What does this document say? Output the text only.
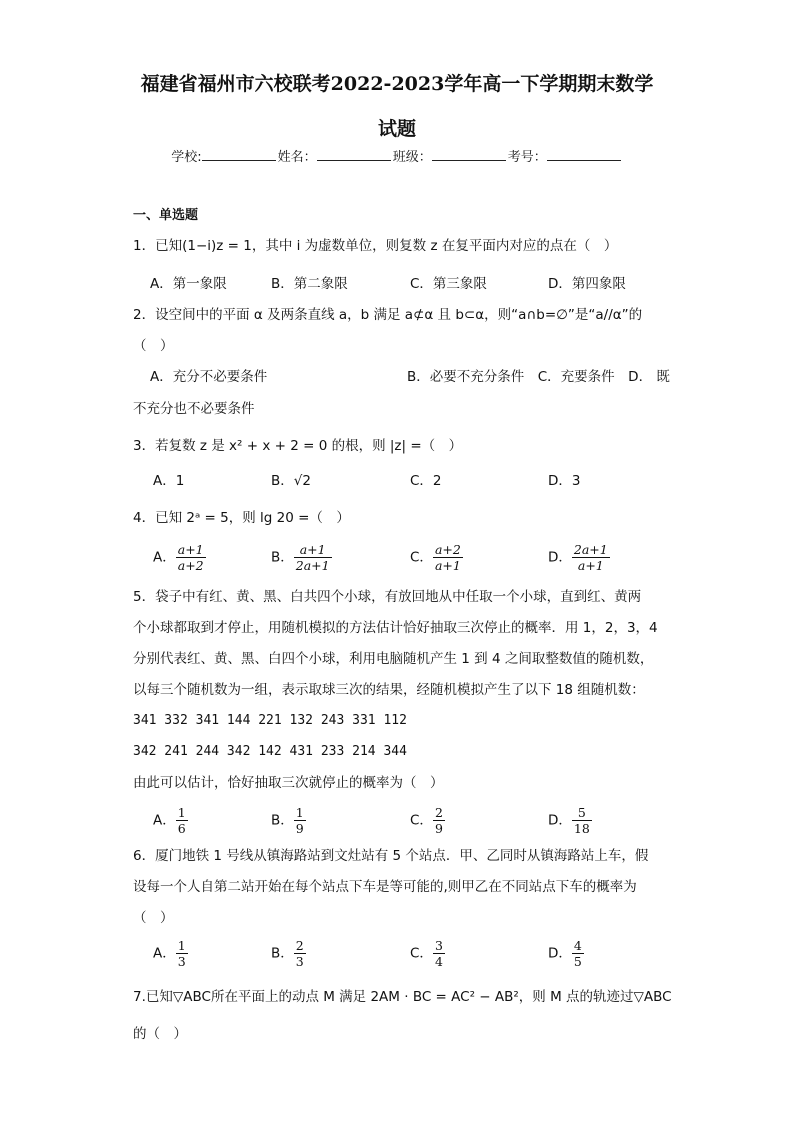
福建省福州市六校联考2022-2023学年高一下学期期末数学
试题
学校:	姓名：	班级：	考号：
一、单选题
1．已知(1−i)z = 1，其中 i 为虚数单位，则复数 z 在复平面内对应的点在（　）
A．第一象限	B．第二象限	C．第三象限	D．第四象限
2．设空间中的平面 α 及两条直线 a，b 满足 a⊄α 且 b⊂α，则“a∩b=∅”是“a//α”的
（　）
A．充分不必要条件	B．必要不充分条件　C．充要条件　D． 既
不充分也不必要条件
3．若复数 z 是 x² + x + 2 = 0 的根，则 |z| =（　）
A．1	B．√2	C．2	D．3
4．已知 2ᵃ = 5，则 lg 20 =（　）
A． $\frac{a+1}{a+2}$	B． $\frac{a+1}{2a+1}$	C． $\frac{a+2}{a+1}$	D． $\frac{2a+1}{a+1}$
5．袋子中有红、黄、黑、白共四个小球，有放回地从中任取一个小球，直到红、黄两
个小球都取到才停止，用随机模拟的方法估计恰好抽取三次停止的概率．用 1，2，3，4
分别代表红、黄、黑、白四个小球，利用电脑随机产生 1 到 4 之间取整数值的随机数，
以每三个随机数为一组，表示取球三次的结果，经随机模拟产生了以下 18 组随机数：
341 332 341 144 221 132 243 331 112
342 241 244 342 142 431 233 214 344
由此可以估计，恰好抽取三次就停止的概率为（　）
A． $\frac{1}{6}$	B． $\frac{1}{9}$	C． $\frac{2}{9}$	D． $\frac{5}{18}$
6．厦门地铁 1 号线从镇海路站到文灶站有 5 个站点．甲、乙同时从镇海路站上车，假
设每一个人自第二站开始在每个站点下车是等可能的,则甲乙在不同站点下车的概率为
（　）
A． $\frac{1}{3}$	B． $\frac{2}{3}$	C． $\frac{3}{4}$	D． $\frac{4}{5}$
7.已知▽ABC所在平面上的动点 M 满足 2AM · BC = AC² − AB²，则 M 点的轨迹过▽ABC
的（　）
